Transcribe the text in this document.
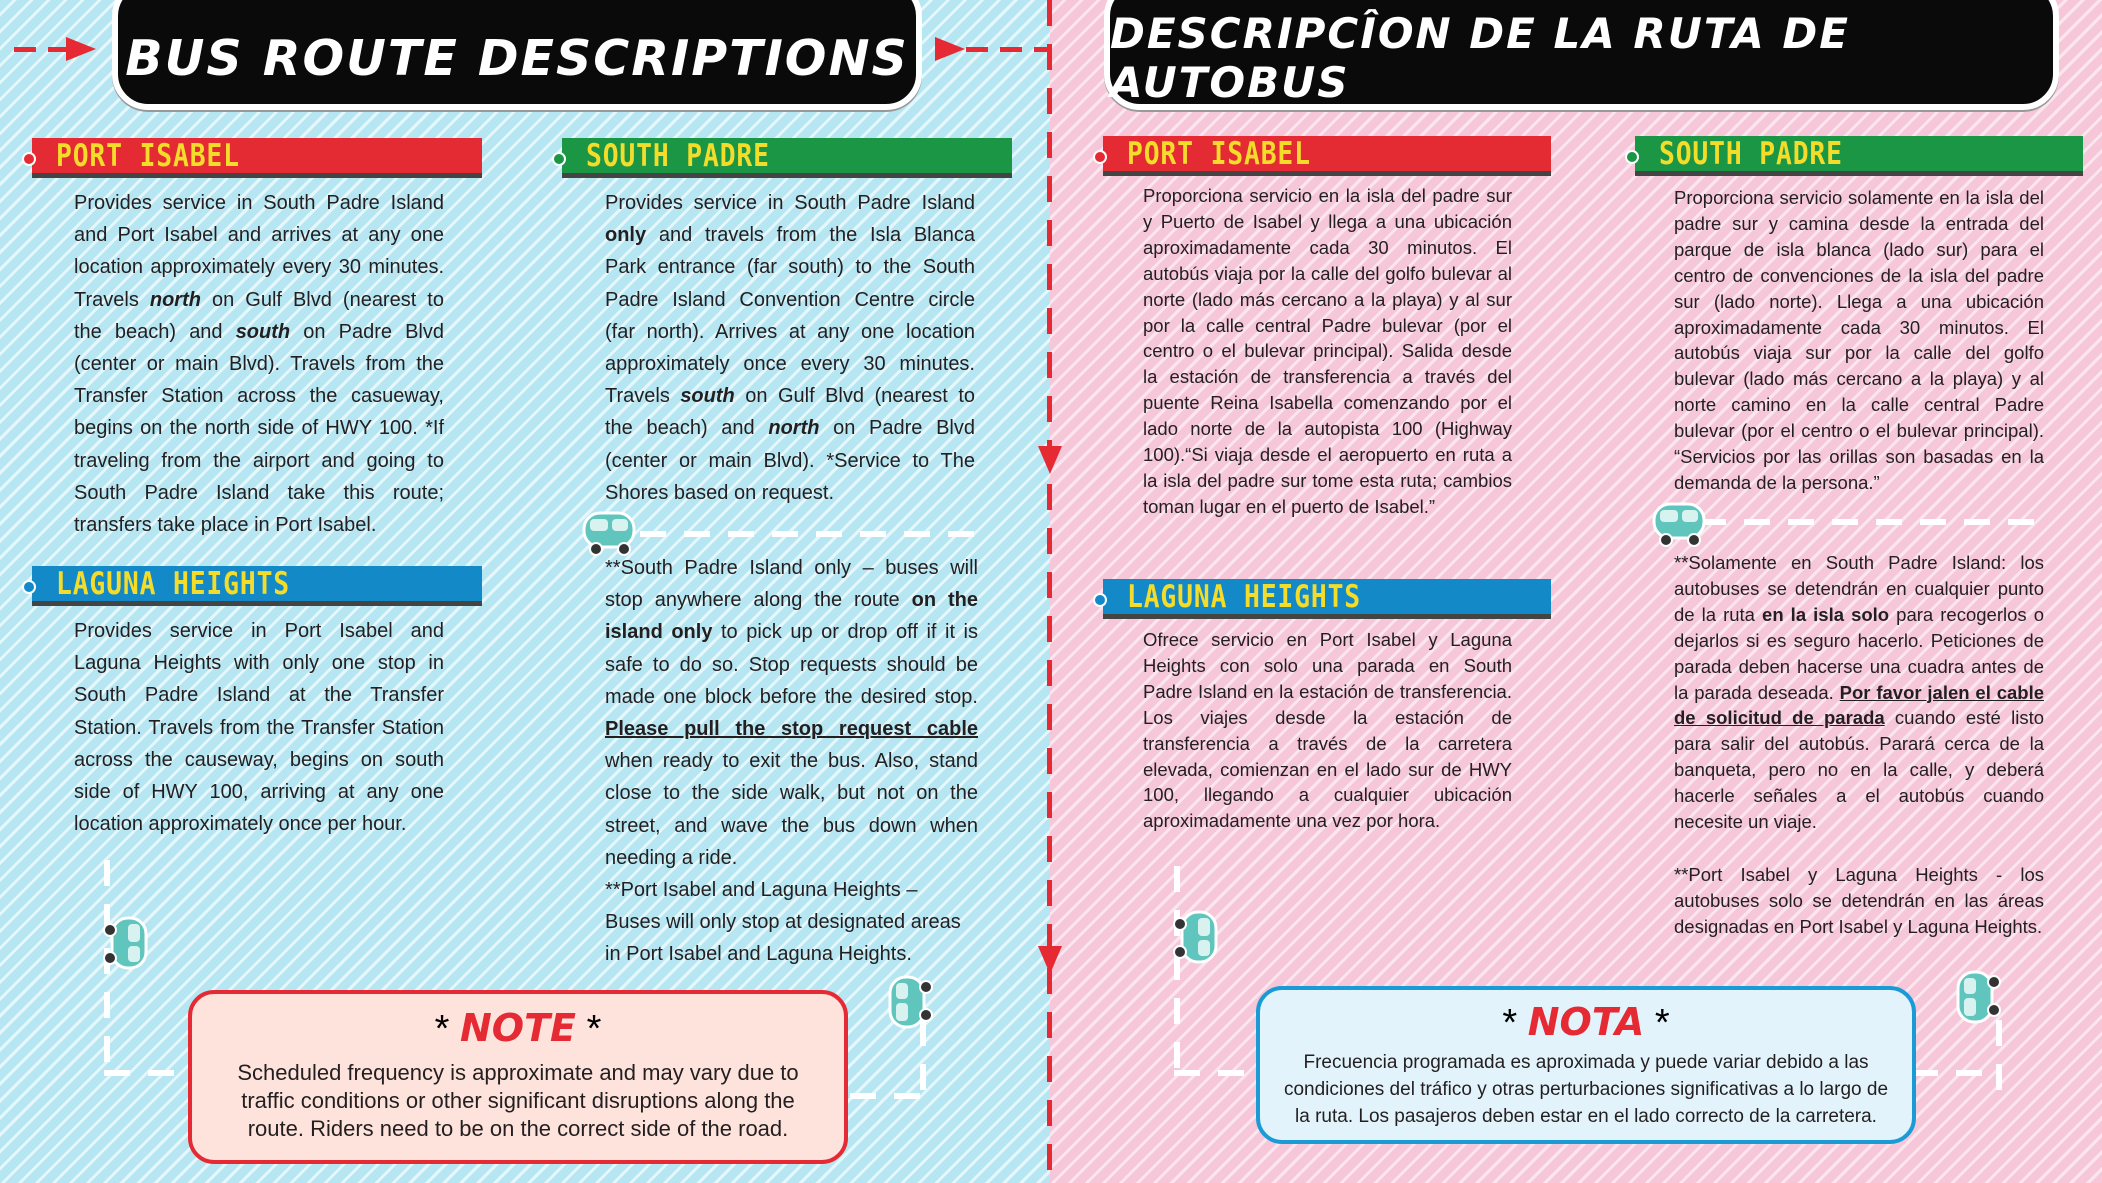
BUS ROUTE DESCRIPTIONS	DESCRIPCÎON DE LA RUTA DE AUTOBUS
PORT ISABEL	SOUTH PADRE
LAGUNA HEIGHTS

Provides service in South Padre Island and Port Isabel and arrives at any one location approximately every 30 minutes. Travels north on Gulf Blvd (nearest to the beach) and south on Padre Blvd (center or main Blvd). Travels from the Transfer Station across the casueway, begins on the north side of HWY 100. *If traveling from the airport and going to South Padre Island take this route; transfers take place in Port Isabel.

Provides service in Port Isabel and Laguna Heights with only one stop in South Padre Island at the Transfer Station. Travels from the Transfer Station across the causeway, begins on south side of HWY 100, arriving at any one location approximately once per hour.

Provides service in South Padre Island only and travels from the Isla Blanca Park entrance (far south) to the South Padre Island Convention Centre circle (far north). Arrives at any one location approximately once every 30 minutes. Travels south on Gulf Blvd (nearest to the beach) and north on Padre Blvd (center or main Blvd). *Service to The Shores based on request.

**South Padre Island only – buses will stop anywhere along the route on the island only to pick up or drop off if it is safe to do so. Stop requests should be made one block before the desired stop. Please pull the stop request cable when ready to exit the bus. Also, stand close to the side walk, but not on the street, and wave the bus down when needing a ride.

**Port Isabel and Laguna Heights – Buses will only stop at designated areas in Port Isabel and Laguna Heights.

* NOTE *
Scheduled frequency is approximate and may vary due to traffic conditions or other significant disruptions along the route. Riders need to be on the correct side of the road.
PORT ISABEL	SOUTH PADRE
LAGUNA HEIGHTS

Proporciona servicio en la isla del padre sur y Puerto de Isabel y llega a una ubicación aproximadamente cada 30 minutos. El autobús viaja por la calle del golfo bulevar al norte (lado más cercano a la playa) y al sur por la calle central Padre bulevar (por el centro o el bulevar principal). Salida desde la estación de transferencia a través del puente Reina Isabella comenzando por el lado norte de la autopista 100 (Highway 100).“Si viaja desde el aeropuerto en ruta a la isla del padre sur tome esta ruta; cambios toman lugar en el puerto de Isabel.”

Ofrece servicio en Port Isabel y Laguna Heights con solo una parada en South Padre Island en la estación de transferencia. Los viajes desde la estación de transferencia a través de la carretera elevada, comienzan en el lado sur de HWY 100, llegando a cualquier ubicación aproximadamente una vez por hora.

Proporciona servicio solamente en la isla del padre sur y camina desde la entrada del parque de isla blanca (lado sur) para el centro de convenciones de la isla del padre sur (lado norte). Llega a una ubicación aproximadamente cada 30 minutos. El autobús viaja sur por la calle del golfo bulevar (lado más cercano a la playa) y al norte camino en la calle central Padre bulevar (por el centro o el bulevar principal). “Servicios por las orillas son basadas en la demanda de la persona.”

**Solamente en South Padre Island: los autobuses se detendrán en cualquier punto de la ruta en la isla solo para recogerlos o dejarlos si es seguro hacerlo. Peticiones de parada deben hacerse una cuadra antes de la parada deseada. Por favor jalen el cable de solicitud de parada cuando esté listo para salir del autobús. Parará cerca de la banqueta, pero no en la calle, y deberá hacerle señales a el autobús cuando necesite un viaje.

**Port Isabel y Laguna Heights - los autobuses solo se detendrán en las áreas designadas en Port Isabel y Laguna Heights.

* NOTA *
Frecuencia programada es aproximada y puede variar debido a las condiciones del tráfico y otras perturbaciones significativas a lo largo de la ruta. Los pasajeros deben estar en el lado correcto de la carretera.
